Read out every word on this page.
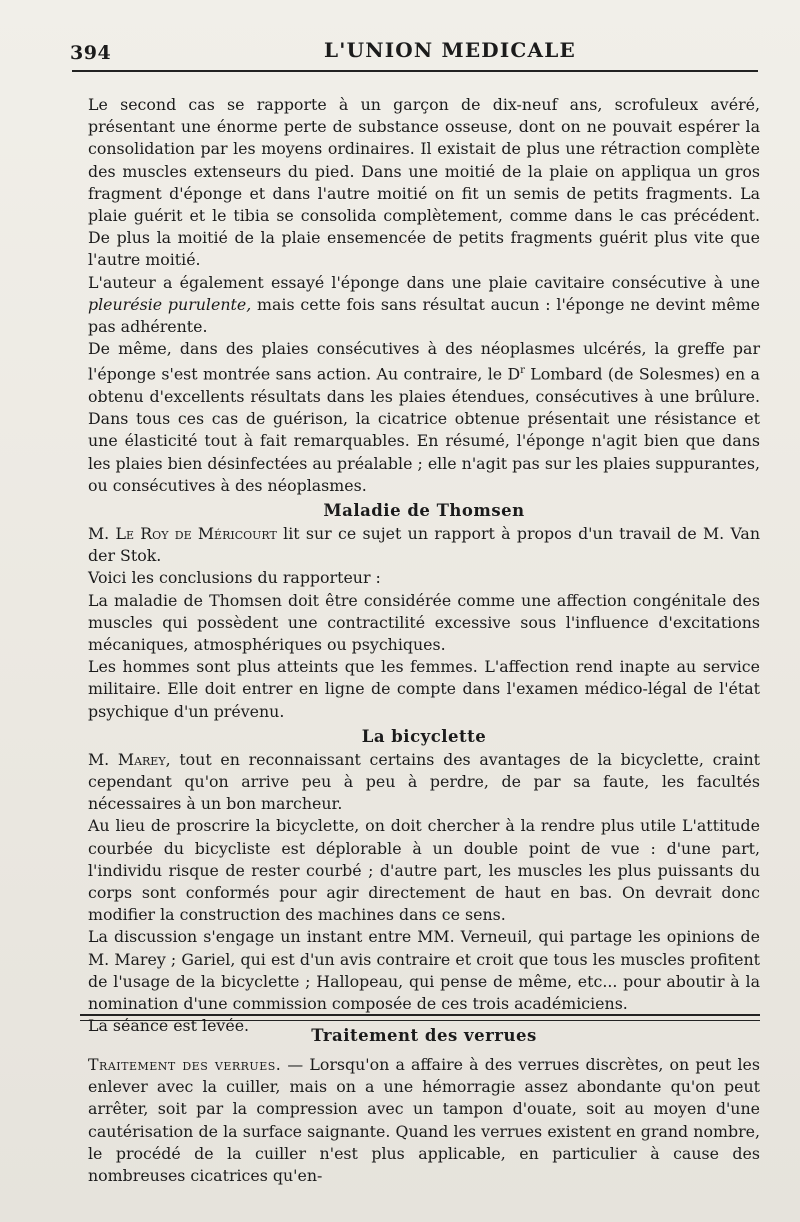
394	L'UNION MEDICALE

Le second cas se rapporte à un garçon de dix-neuf ans, scrofuleux avéré, présentant une énorme perte de substance osseuse, dont on ne pouvait espérer la consolidation par les moyens ordinaires. Il existait de plus une rétraction complète des muscles extenseurs du pied. Dans une moitié de la plaie on appliqua un gros fragment d'éponge et dans l'autre moitié on fit un semis de petits fragments. La plaie guérit et le tibia se consolida complètement, comme dans le cas précédent. De plus la moitié de la plaie ensemencée de petits fragments guérit plus vite que l'autre moitié.

L'auteur a également essayé l'éponge dans une plaie cavitaire consécutive à une pleurésie purulente, mais cette fois sans résultat aucun : l'éponge ne devint même pas adhérente.

De même, dans des plaies consécutives à des néoplasmes ulcérés, la greffe par l'éponge s'est montrée sans action. Au contraire, le $D^r$ Lombard (de Solesmes) en a obtenu d'excellents résultats dans les plaies étendues, consécutives à une brûlure. Dans tous ces cas de guérison, la cicatrice obtenue présentait une résistance et une élasticité tout à fait remarquables. En résumé, l'éponge n'agit bien que dans les plaies bien désinfectées au préalable ; elle n'agit pas sur les plaies suppurantes, ou consécutives à des néoplasmes.

Maladie de Thomsen

M. Le Roy de Méricourt lit sur ce sujet un rapport à propos d'un travail de M. Van der Stok.

Voici les conclusions du rapporteur :

La maladie de Thomsen doit être considérée comme une affection congénitale des muscles qui possèdent une contractilité excessive sous l'influence d'excitations mécaniques, atmosphériques ou psychiques.

Les hommes sont plus atteints que les femmes. L'affection rend inapte au service militaire. Elle doit entrer en ligne de compte dans l'examen médico-légal de l'état psychique d'un prévenu.

La bicyclette

M. Marey, tout en reconnaissant certains des avantages de la bicyclette, craint cependant qu'on arrive peu à peu à perdre, de par sa faute, les facultés nécessaires à un bon marcheur.

Au lieu de proscrire la bicyclette, on doit chercher à la rendre plus utile L'attitude courbée du bicycliste est déplorable à un double point de vue : d'une part, l'individu risque de rester courbé ; d'autre part, les muscles les plus puissants du corps sont conformés pour agir directement de haut en bas. On devrait donc modifier la construction des machines dans ce sens.

La discussion s'engage un instant entre MM. Verneuil, qui partage les opinions de M. Marey ; Gariel, qui est d'un avis contraire et croit que tous les muscles profitent de l'usage de la bicyclette ; Hallopeau, qui pense de même, etc... pour aboutir à la nomination d'une commission composée de ces trois académiciens.

La séance est levée.

Traitement des verrues

Traitement des verrues. — Lorsqu'on a affaire à des verrues discrètes, on peut les enlever avec la cuiller, mais on a une hémorragie assez abondante qu'on peut arrêter, soit par la compression avec un tampon d'ouate, soit au moyen d'une cautérisation de la surface saignante. Quand les verrues existent en grand nombre, le procédé de la cuiller n'est plus applicable, en particulier à cause des nombreuses cicatrices qu'en-
